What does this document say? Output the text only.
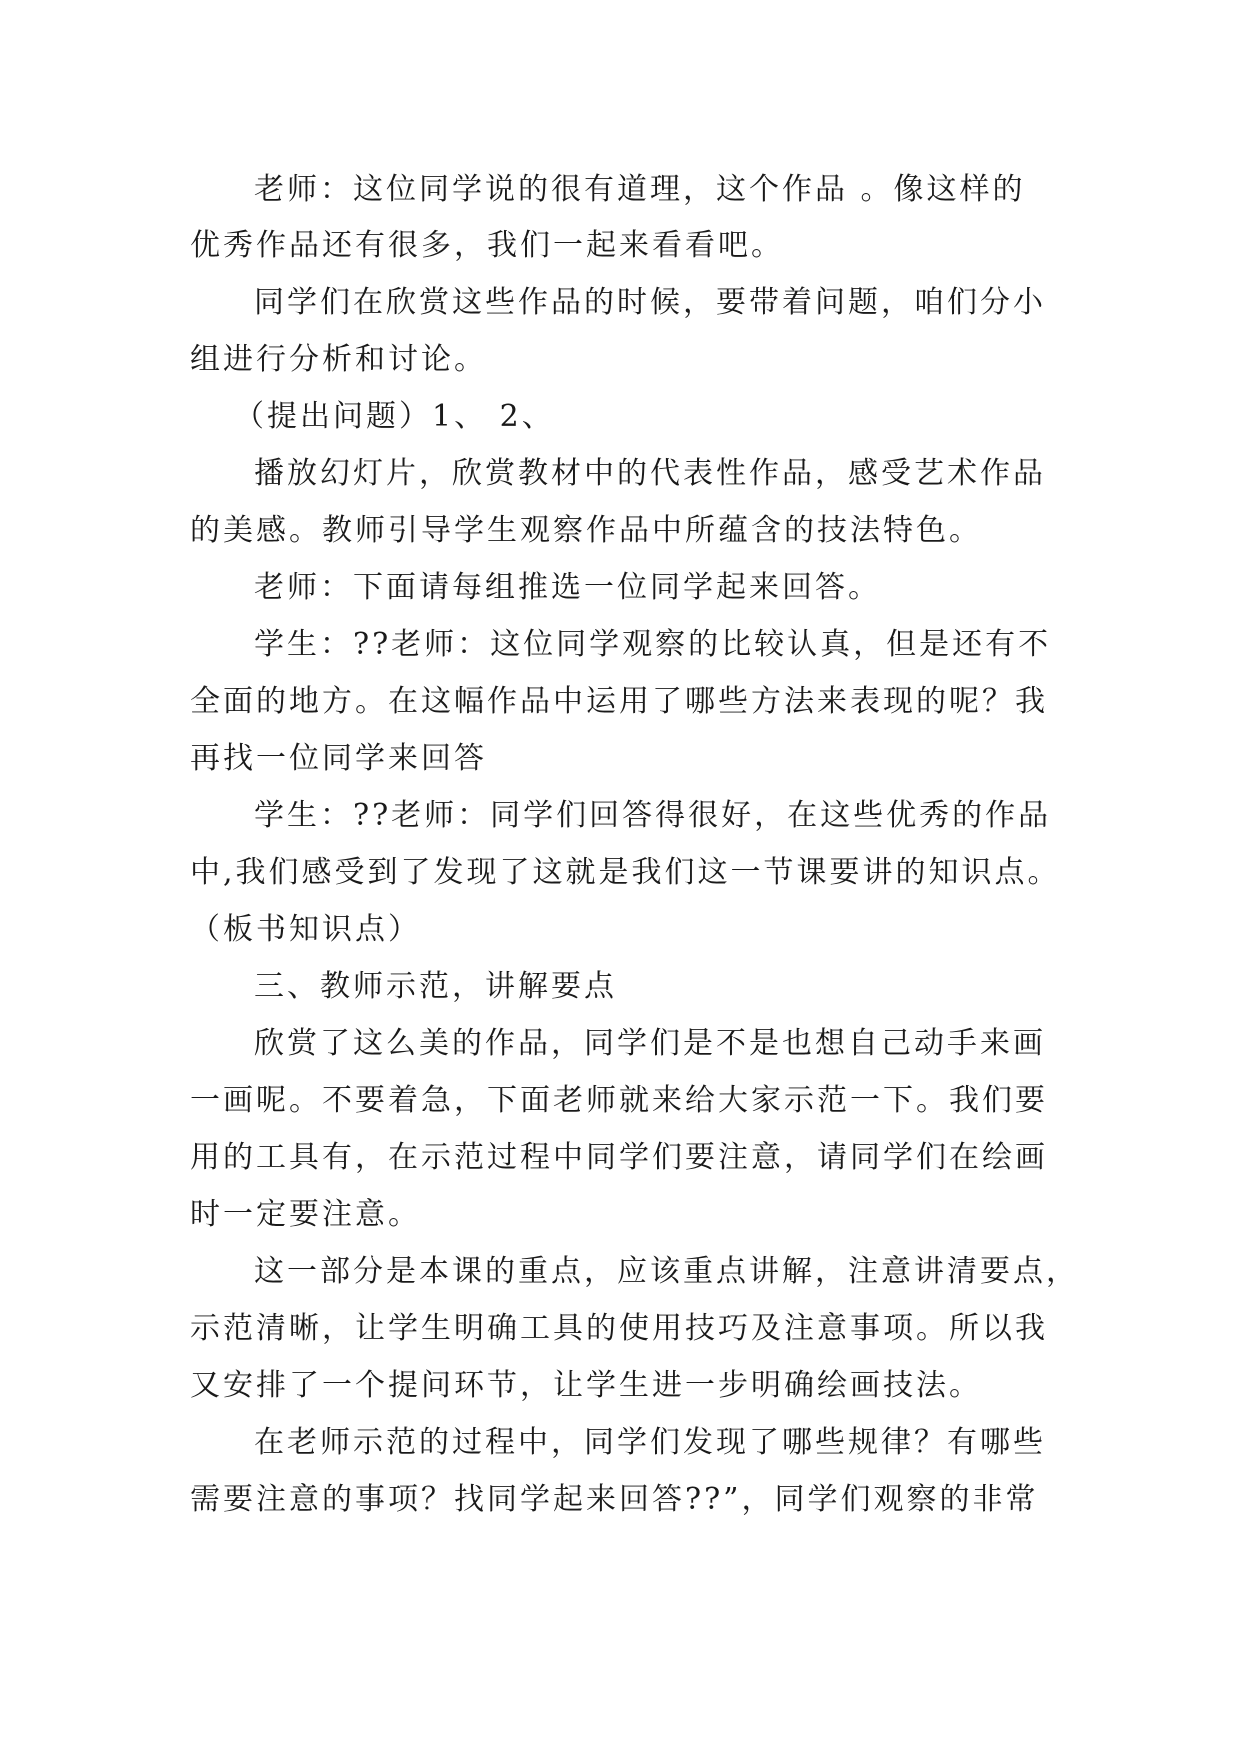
老师：这位同学说的很有道理，这个作品 。像这样的
优秀作品还有很多，我们一起来看看吧。
同学们在欣赏这些作品的时候，要带着问题，咱们分小
组进行分析和讨论。
（提出问题）1、 2、
播放幻灯片，欣赏教材中的代表性作品，感受艺术作品
的美感。教师引导学生观察作品中所蕴含的技法特色。
老师：下面请每组推选一位同学起来回答。
学生：??老师：这位同学观察的比较认真，但是还有不
全面的地方。在这幅作品中运用了哪些方法来表现的呢？我
再找一位同学来回答
学生：??老师：同学们回答得很好，在这些优秀的作品
中,我们感受到了发现了这就是我们这一节课要讲的知识点。
（板书知识点）
三、教师示范，讲解要点
欣赏了这么美的作品，同学们是不是也想自己动手来画
一画呢。不要着急，下面老师就来给大家示范一下。我们要
用的工具有，在示范过程中同学们要注意，请同学们在绘画
时一定要注意。
这一部分是本课的重点，应该重点讲解，注意讲清要点，
示范清晰，让学生明确工具的使用技巧及注意事项。所以我
又安排了一个提问环节，让学生进一步明确绘画技法。
在老师示范的过程中，同学们发现了哪些规律？有哪些
需要注意的事项？找同学起来回答??”，同学们观察的非常
